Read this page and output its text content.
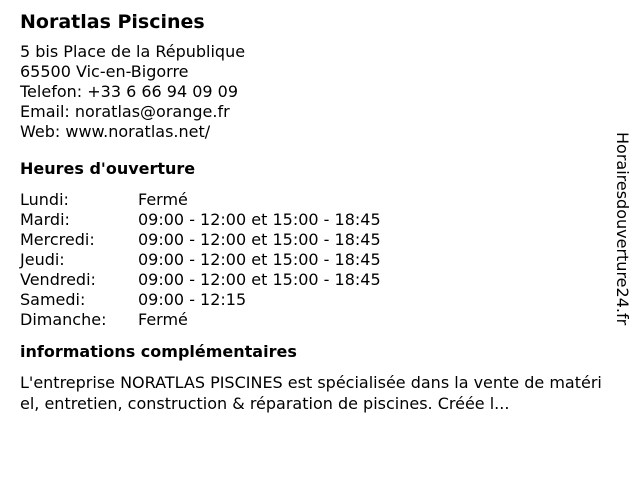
Noratlas Piscines
5 bis Place de la République
65500 Vic-en-Bigorre
Telefon: +33 6 66 94 09 09
Email: noratlas@orange.fr
Web: www.noratlas.net/
Heures d'ouverture
Lundi:	Fermé
Mardi:	09:00 - 12:00 et 15:00 - 18:45
Mercredi:	09:00 - 12:00 et 15:00 - 18:45
Jeudi:	09:00 - 12:00 et 15:00 - 18:45
Vendredi:	09:00 - 12:00 et 15:00 - 18:45
Samedi:	09:00 - 12:15
Dimanche:	Fermé
informations complémentaires
L'entreprise NORATLAS PISCINES est spécialisée dans la vente de matériel, entretien, construction & réparation de piscines. Créée l...
Horairesdouverture24.fr
